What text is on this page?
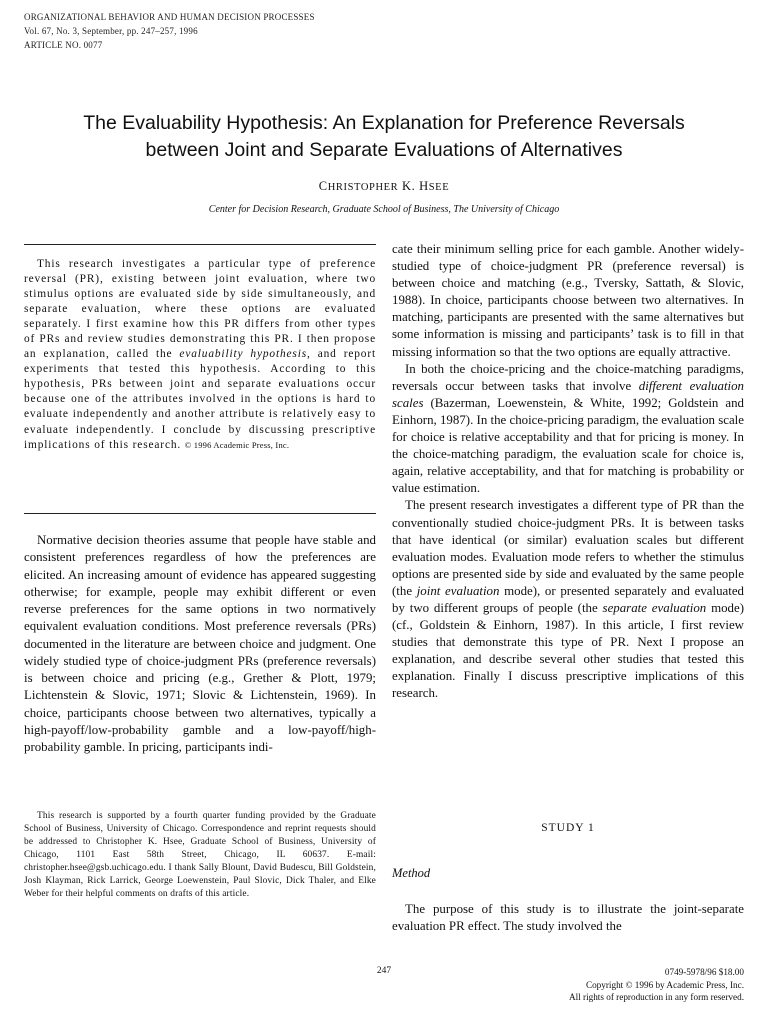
ORGANIZATIONAL BEHAVIOR AND HUMAN DECISION PROCESSES
Vol. 67, No. 3, September, pp. 247–257, 1996
ARTICLE NO. 0077
The Evaluability Hypothesis: An Explanation for Preference Reversals
between Joint and Separate Evaluations of Alternatives
CHRISTOPHER K. HSEE
Center for Decision Research, Graduate School of Business, The University of Chicago
This research investigates a particular type of preference reversal (PR), existing between joint evaluation, where two stimulus options are evaluated side by side simultaneously, and separate evaluation, where these options are evaluated separately. I first examine how this PR differs from other types of PRs and review studies demonstrating this PR. I then propose an explanation, called the evaluability hypothesis, and report experiments that tested this hypothesis. According to this hypothesis, PRs between joint and separate evaluations occur because one of the attributes involved in the options is hard to evaluate independently and another attribute is relatively easy to evaluate independently. I conclude by discussing prescriptive implications of this research. © 1996 Academic Press, Inc.

Normative decision theories assume that people have stable and consistent preferences regardless of how the preferences are elicited. An increasing amount of evidence has appeared suggesting otherwise; for example, people may exhibit different or even reverse preferences for the same options in two normatively equivalent evaluation conditions. Most preference reversals (PRs) documented in the literature are between choice and judgment. One widely studied type of choice-judgment PRs (preference reversals) is between choice and pricing (e.g., Grether & Plott, 1979; Lichtenstein & Slovic, 1971; Slovic & Lichtenstein, 1969). In choice, participants choose between two alternatives, typically a high-payoff/low-probability gamble and a low-payoff/high-probability gamble. In pricing, participants indi-

This research is supported by a fourth quarter funding provided by the Graduate School of Business, University of Chicago. Correspondence and reprint requests should be addressed to Christopher K. Hsee, Graduate School of Business, University of Chicago, 1101 East 58th Street, Chicago, IL 60637. E-mail: christopher.hsee@gsb.uchicago.edu. I thank Sally Blount, David Budescu, Bill Goldstein, Josh Klayman, Rick Larrick, George Loewenstein, Paul Slovic, Dick Thaler, and Elke Weber for their helpful comments on drafts of this article.

cate their minimum selling price for each gamble. Another widely-studied type of choice-judgment PR (preference reversal) is between choice and matching (e.g., Tversky, Sattath, & Slovic, 1988). In choice, participants choose between two alternatives. In matching, participants are presented with the same alternatives but some information is missing and participants’ task is to fill in that missing information so that the two options are equally attractive.

In both the choice-pricing and the choice-matching paradigms, reversals occur between tasks that involve different evaluation scales (Bazerman, Loewenstein, & White, 1992; Goldstein and Einhorn, 1987). In the choice-pricing paradigm, the evaluation scale for choice is relative acceptability and that for pricing is money. In the choice-matching paradigm, the evaluation scale for choice is, again, relative acceptability, and that for matching is probability or value estimation.

The present research investigates a different type of PR than the conventionally studied choice-judgment PRs. It is between tasks that have identical (or similar) evaluation scales but different evaluation modes. Evaluation mode refers to whether the stimulus options are presented side by side and evaluated by the same people (the joint evaluation mode), or presented separately and evaluated by two different groups of people (the separate evaluation mode) (cf., Goldstein & Einhorn, 1987). In this article, I first review studies that demonstrate this type of PR. Next I propose an explanation, and describe several other studies that tested this explanation. Finally I discuss prescriptive implications of this research.

STUDY 1
Method
The purpose of this study is to illustrate the joint-separate evaluation PR effect. The study involved the
247	0749-5978/96 $18.00
Copyright © 1996 by Academic Press, Inc.
All rights of reproduction in any form reserved.
